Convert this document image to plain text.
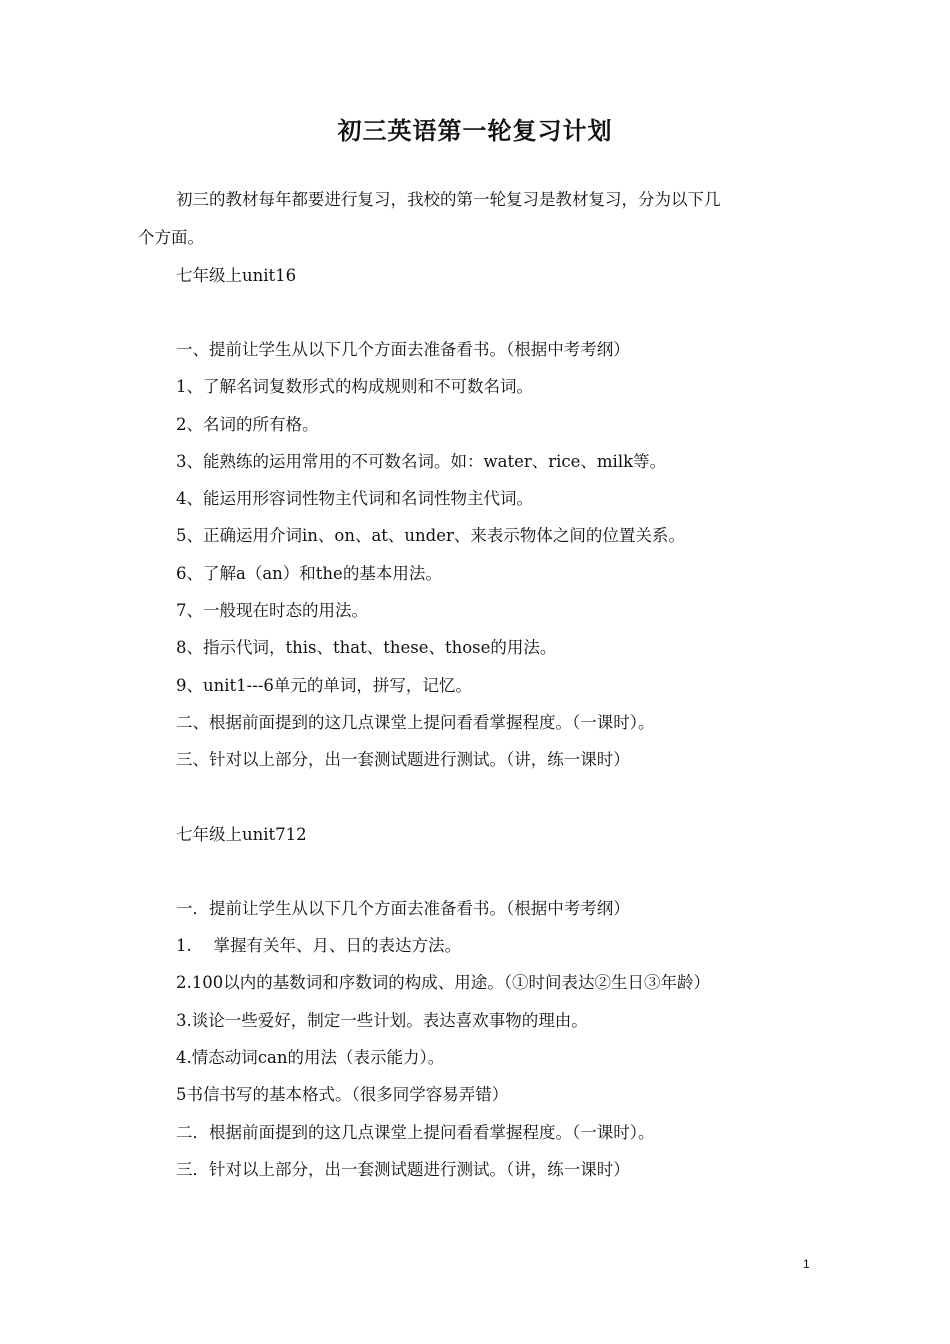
初三英语第一轮复习计划
初三的教材每年都要进行复习，我校的第一轮复习是教材复习，分为以下几
个方面。
七年级上unit16
一、提前让学生从以下几个方面去准备看书。（根据中考考纲）
1、了解名词复数形式的构成规则和不可数名词。
2、名词的所有格。
3、能熟练的运用常用的不可数名词。如：water、rice、milk等。
4、能运用形容词性物主代词和名词性物主代词。
5、正确运用介词in、on、at、under、来表示物体之间的位置关系。
6、了解a（an）和the的基本用法。
7、一般现在时态的用法。
8、指示代词，this、that、these、those的用法。
9、unit1---6单元的单词，拼写，记忆。
二、根据前面提到的这几点课堂上提问看看掌握程度。（一课时）。
三、针对以上部分，出一套测试题进行测试。（讲，练一课时）
七年级上unit712
一．提前让学生从以下几个方面去准备看书。（根据中考考纲）
1.　 掌握有关年、月、日的表达方法。
2.100以内的基数词和序数词的构成、用途。（①时间表达②生日③年龄）
3.谈论一些爱好，制定一些计划。表达喜欢事物的理由。
4.情态动词can的用法（表示能力）。
5书信书写的基本格式。（很多同学容易弄错）
二．根据前面提到的这几点课堂上提问看看掌握程度。（一课时）。
三．针对以上部分，出一套测试题进行测试。（讲，练一课时）
1
